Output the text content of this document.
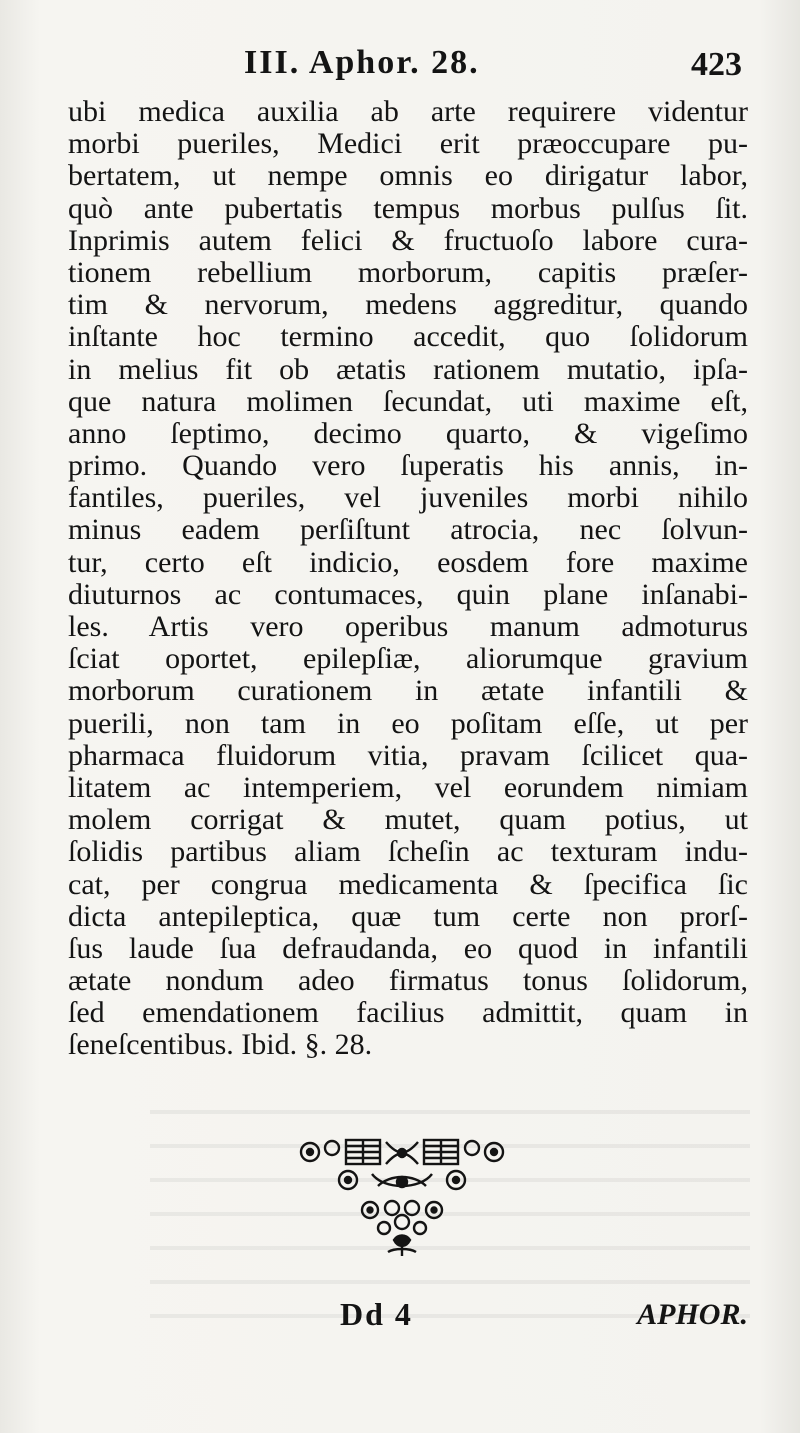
III. Aphor. 28.	423
ubi medica auxilia ab arte requirere videntur
morbi pueriles, Medici erit præoccupare pu-
bertatem, ut nempe omnis eo dirigatur labor,
quò ante pubertatis tempus morbus pulſus ſit.
Inprimis autem felici & fructuoſo labore cura-
tionem rebellium morborum, capitis præſer-
tim & nervorum, medens aggreditur, quando
inſtante hoc termino accedit, quo ſolidorum
in melius fit ob ætatis rationem mutatio, ipſa-
que natura molimen ſecundat, uti maxime eſt,
anno ſeptimo, decimo quarto, & vigeſimo
primo. Quando vero ſuperatis his annis, in-
fantiles, pueriles, vel juveniles morbi nihilo
minus eadem perſiſtunt atrocia, nec ſolvun-
tur, certo eſt indicio, eosdem fore maxime
diuturnos ac contumaces, quin plane inſanabi-
les. Artis vero operibus manum admoturus
ſciat oportet, epilepſiæ, aliorumque gravium
morborum curationem in ætate infantili &
puerili, non tam in eo poſitam eſſe, ut per
pharmaca fluidorum vitia, pravam ſcilicet qua-
litatem ac intemperiem, vel eorundem nimiam
molem corrigat & mutet, quam potius, ut
ſolidis partibus aliam ſcheſin ac texturam indu-
cat, per congrua medicamenta & ſpecifica ſic
dicta antepileptica, quæ tum certe non prorſ-
ſus laude ſua defraudanda, eo quod in infantili
ætate nondum adeo firmatus tonus ſolidorum,
ſed emendationem facilius admittit, quam in
ſeneſcentibus. Ibid. §. 28.
Dd 4	APHOR.
